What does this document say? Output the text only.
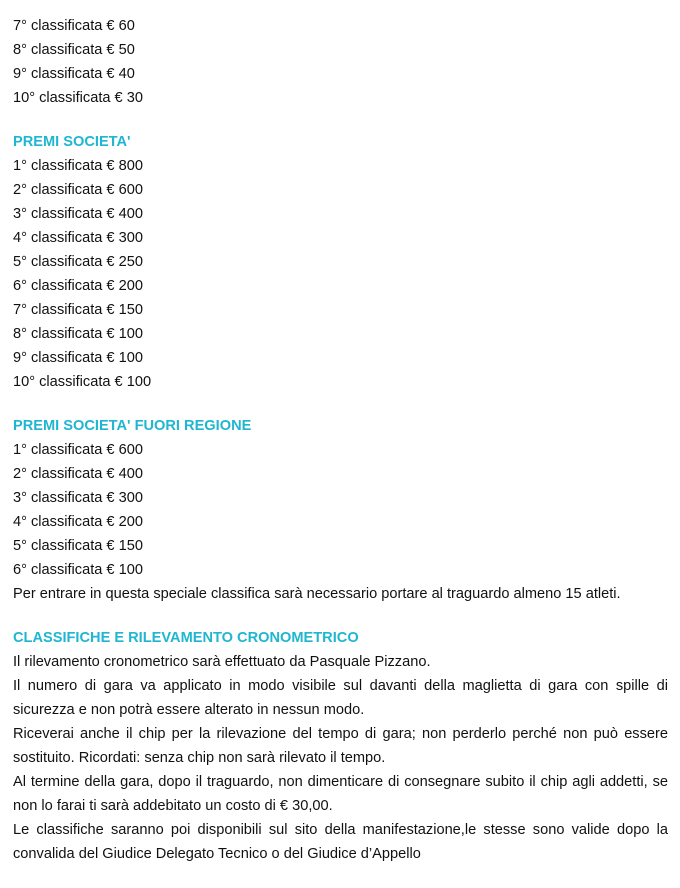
7° classificata € 60
8° classificata € 50
9° classificata € 40
10° classificata € 30
PREMI SOCIETA'
1° classificata € 800
2° classificata € 600
3° classificata € 400
4° classificata € 300
5° classificata € 250
6° classificata € 200
7° classificata € 150
8° classificata € 100
9° classificata € 100
10° classificata € 100
PREMI SOCIETA' FUORI REGIONE
1° classificata € 600
2° classificata € 400
3° classificata € 300
4° classificata € 200
5° classificata € 150
6° classificata € 100
Per entrare in questa speciale classifica sarà necessario portare al traguardo almeno 15 atleti.
CLASSIFICHE E RILEVAMENTO CRONOMETRICO

Il rilevamento cronometrico sarà effettuato da Pasquale Pizzano.

Il numero di gara va applicato in modo visibile sul davanti della maglietta di gara con spille di sicurezza e non potrà essere alterato in nessun modo.

Riceverai anche il chip per la rilevazione del tempo di gara; non perderlo perché non può essere sostituito. Ricordati: senza chip non sarà rilevato il tempo.

Al termine della gara, dopo il traguardo, non dimenticare di consegnare subito il chip agli addetti, se non lo farai ti sarà addebitato un costo di € 30,00.

Le classifiche saranno poi disponibili sul sito della manifestazione,le stesse sono valide dopo la convalida del Giudice Delegato Tecnico o del Giudice d’Appello
